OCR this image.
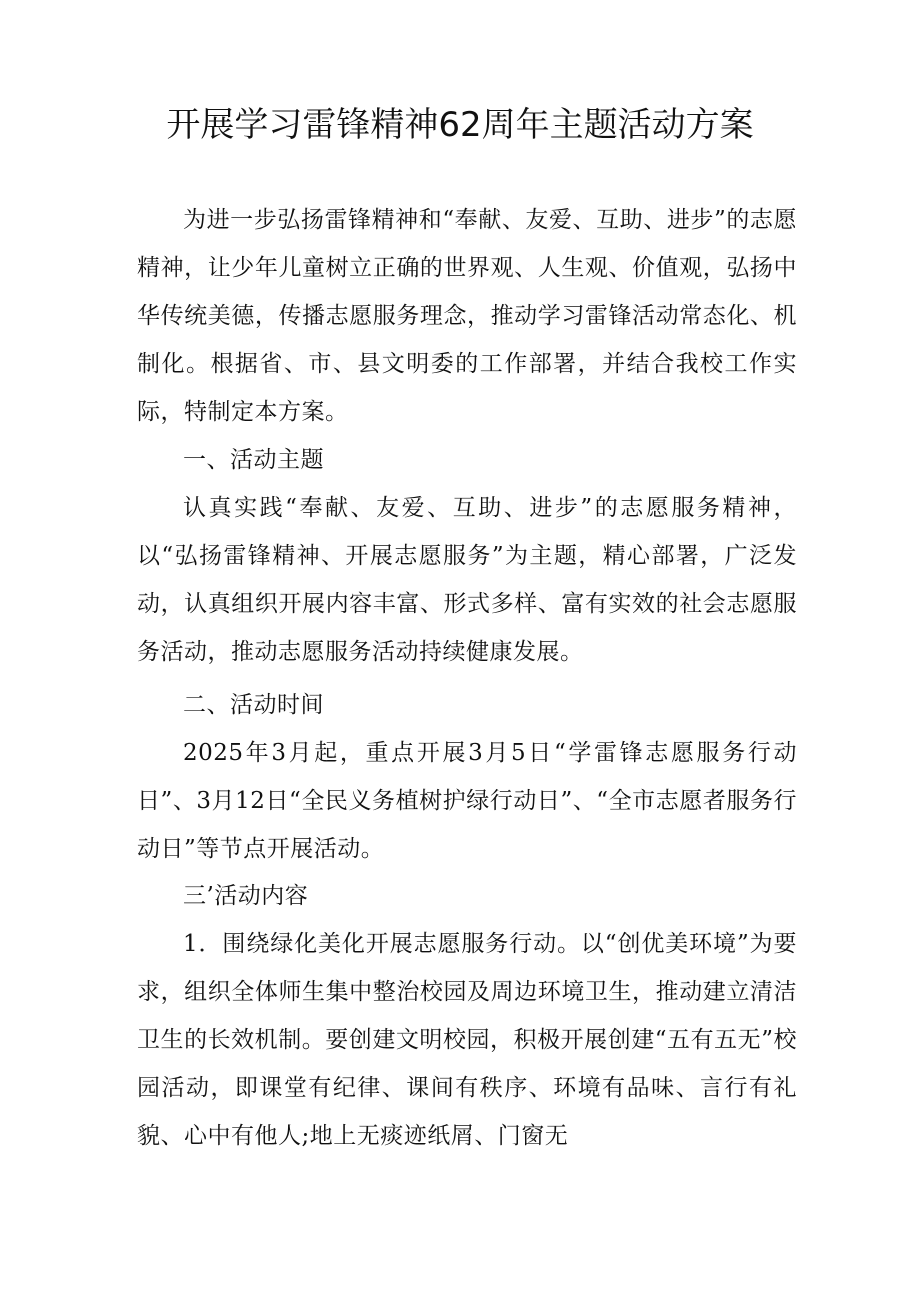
开展学习雷锋精神62周年主题活动方案

为进一步弘扬雷锋精神和“奉献、友爱、互助、进步”的志愿精神，让少年儿童树立正确的世界观、人生观、价值观，弘扬中华传统美德，传播志愿服务理念，推动学习雷锋活动常态化、机制化。根据省、市、县文明委的工作部署，并结合我校工作实际，特制定本方案。

一、活动主题

认真实践“奉献、友爱、互助、进步”的志愿服务精神，以“弘扬雷锋精神、开展志愿服务”为主题，精心部署，广泛发动，认真组织开展内容丰富、形式多样、富有实效的社会志愿服务活动，推动志愿服务活动持续健康发展。

二、活动时间

2025年3月起，重点开展3月5日“学雷锋志愿服务行动日”、3月12日“全民义务植树护绿行动日”、“全市志愿者服务行动日”等节点开展活动。

三’活动内容

1．围绕绿化美化开展志愿服务行动。以“创优美环境”为要求，组织全体师生集中整治校园及周边环境卫生，推动建立清洁卫生的长效机制。要创建文明校园，积极开展创建“五有五无”校园活动，即课堂有纪律、课间有秩序、环境有品味、言行有礼貌、心中有他人;地上无痰迹纸屑、门窗无
